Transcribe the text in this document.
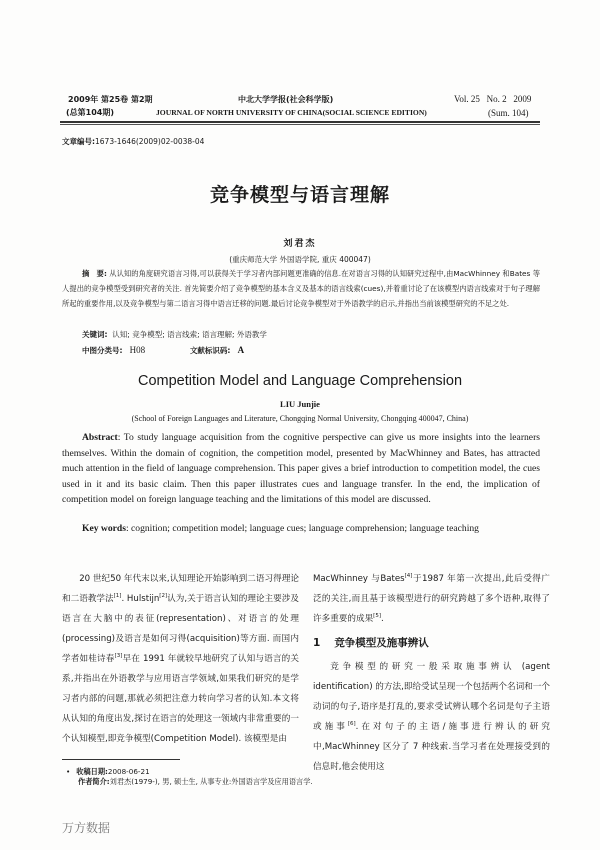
2009年 第25卷 第2期
(总第104期)
中北大学学报(社会科学版)
JOURNAL OF NORTH UNIVERSITY OF CHINA(SOCIAL SCIENCE EDITION)
Vol. 25   No. 2   2009
(Sum. 104)
文章编号:1673-1646(2009)02-0038-04
竞争模型与语言理解
刘君杰
(重庆师范大学 外国语学院, 重庆 400047)
摘　要: 从认知的角度研究语言习得,可以获得关于学习者内部问题更准确的信息.在对语言习得的认知研究过程中,由MacWhinney 和Bates 等人提出的竞争模型受到研究者的关注. 首先简要介绍了竞争模型的基本含义及基本的语言线索(cues),并着重讨论了在该模型内语言线索对于句子理解所起的重要作用,以及竞争模型与第二语言习得中语言迁移的问题.最后讨论竞争模型对于外语教学的启示,并指出当前该模型研究的不足之处.
关键词: 认知; 竞争模型; 语言线索; 语言理解; 外语教学
中图分类号: H08	文献标识码: A
Competition Model and Language Comprehension
LIU Junjie
(School of Foreign Languages and Literature, Chongqing Normal University, Chongqing 400047, China)
Abstract: To study language acquisition from the cognitive perspective can give us more insights into the learners themselves. Within the domain of cognition, the competition model, presented by MacWhinney and Bates, has attracted much attention in the field of language comprehension. This paper gives a brief introduction to competition model, the cues used in it and its basic claim. Then this paper illustrates cues and language transfer. In the end, the implication of competition model on foreign language teaching and the limitations of this model are discussed.
Key words: cognition; competition model; language cues; language comprehension; language teaching

20 世纪50 年代末以来,认知理论开始影响到二语习得理论和二语教学法[1]. Hulstijn[2]认为,关于语言认知的理论主要涉及语言在大脑中的表征(representation)、对语言的处理(processing)及语言是如何习得(acquisition)等方面. 而国内学者如桂诗春[3]早在 1991 年就较早地研究了认知与语言的关系,并指出在外语教学与应用语言学领域,如果我们研究的是学习者内部的问题,那就必须把注意力转向学习者的认知.本文将从认知的角度出发,探讨在语言的处理这一领域内非常重要的一个认知模型,即竞争模型(Competition Model). 该模型是由

MacWhinney 与Bates[4]于1987 年第一次提出,此后受得广泛的关注,而且基于该模型进行的研究跨越了多个语种,取得了许多重要的成果[5].

1 竞争模型及施事辨认

竞争模型的研究一般采取施事辨认 (agent identification) 的方法,即给受试呈现一个包括两个名词和一个动词的句子,语序是打乱的,要求受试辨认哪个名词是句子主语或施事[6].在对句子的主语/施事进行辨认的研究中,MacWhinney 区分了 7 种线索.当学习者在处理接受到的信息时,他会使用这

• 收稿日期:2008-06-21
作者简介:刘君杰(1979-), 男, 硕士生, 从事专业:外国语言学及应用语言学.
万方数据
